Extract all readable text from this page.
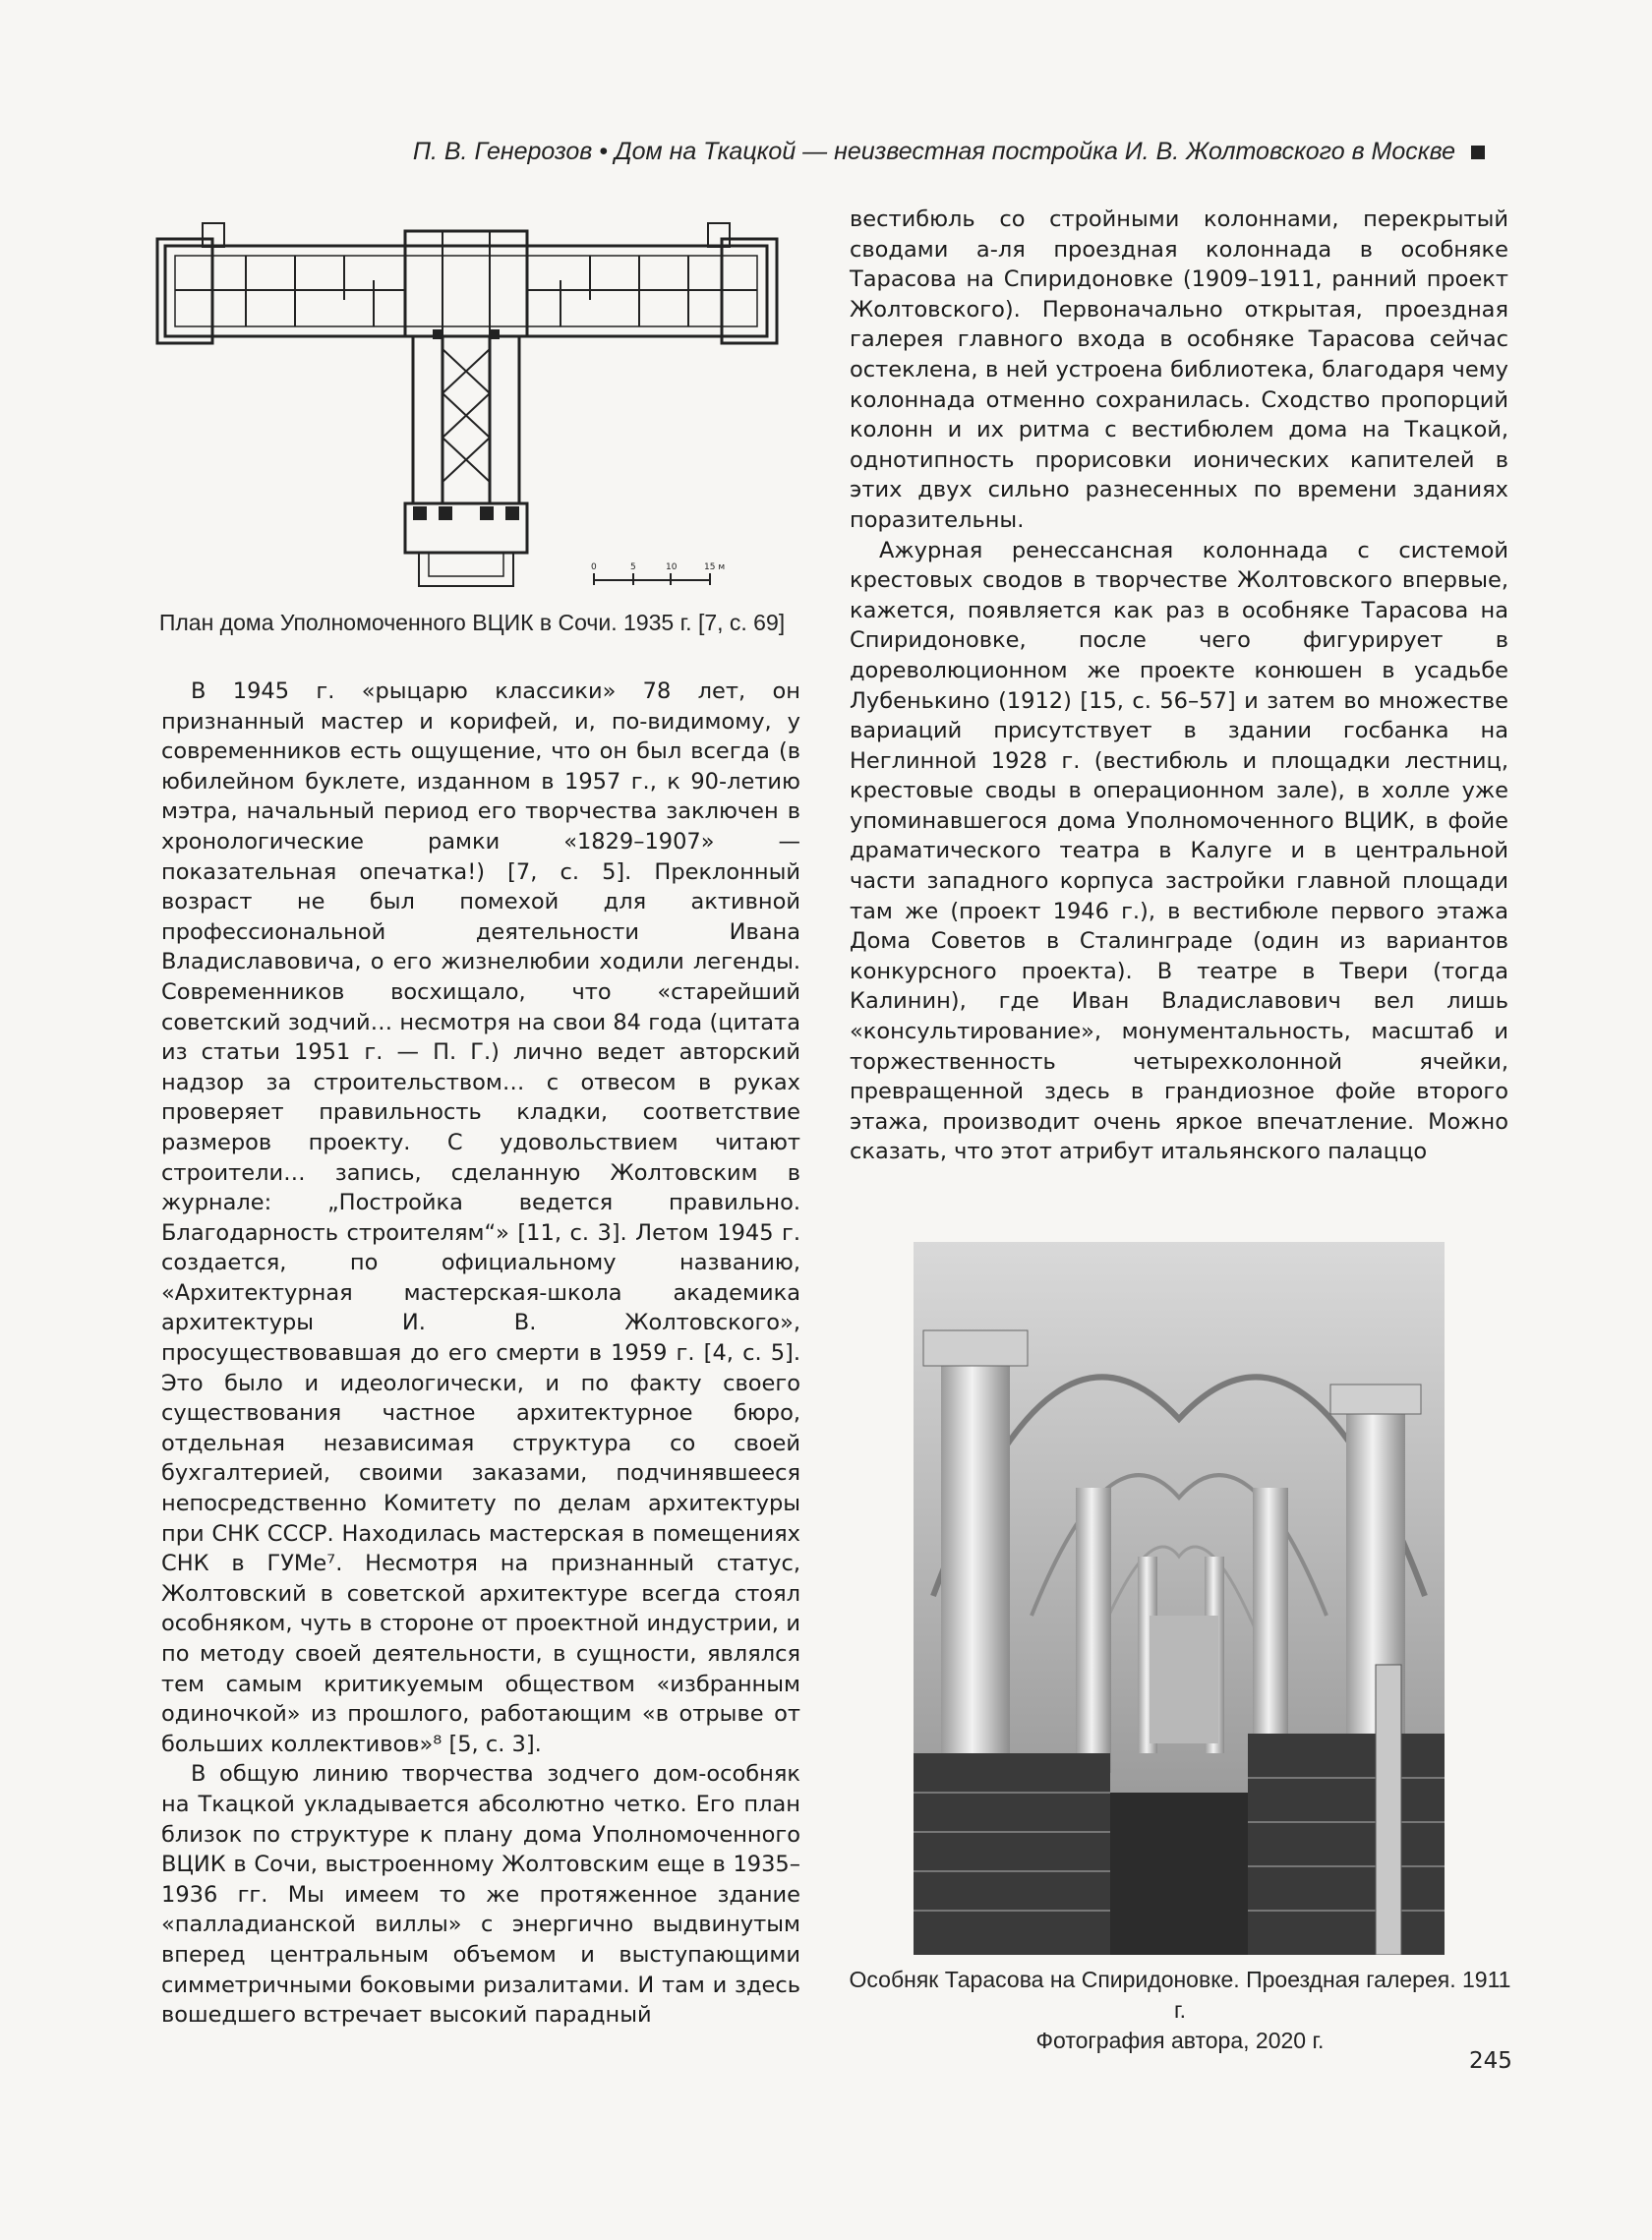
П. В. Генерозов • Дом на Ткацкой — неизвестная постройка И. В. Жолтовского в Москве
0	5	10	15 м
План дома Уполномоченного ВЦИК в Сочи. 1935 г. [7, с. 69]

В 1945 г. «рыцарю классики» 78 лет, он признанный мастер и корифей, и, по-видимому, у современников есть ощущение, что он был всегда (в юбилейном буклете, изданном в 1957 г., к 90-летию мэтра, начальный период его творчества заключен в хронологические рамки «1829–1907» — показательная опечатка!) [7, с. 5]. Преклонный возраст не был помехой для активной профессиональной деятельности Ивана Владиславовича, о его жизнелюбии ходили легенды. Современников восхищало, что «старейший советский зодчий… несмотря на свои 84 года (цитата из статьи 1951 г. — П. Г.) лично ведет авторский надзор за строительством… с отвесом в руках проверяет правильность кладки, соответствие размеров проекту. С удовольствием читают строители… запись, сделанную Жолтовским в журнале: „Постройка ведется правильно. Благодарность строителям“» [11, с. 3]. Летом 1945 г. создается, по официальному названию, «Архитектурная мастерская-школа академика архитектуры И. В. Жолтовского», просуществовавшая до его смерти в 1959 г. [4, с. 5]. Это было и идеологически, и по факту своего существования частное архитектурное бюро, отдельная независимая структура со своей бухгалтерией, своими заказами, подчинявшееся непосредственно Комитету по делам архитектуры при СНК СССР. Находилась мастерская в помещениях СНК в ГУМе⁷. Несмотря на признанный статус, Жолтовский в советской архитектуре всегда стоял особняком, чуть в стороне от проектной индустрии, и по методу своей деятельности, в сущности, являлся тем самым критикуемым обществом «избранным одиночкой» из прошлого, работающим «в отрыве от больших коллективов»⁸ [5, с. 3].

В общую линию творчества зодчего дом-особняк на Ткацкой укладывается абсолютно четко. Его план близок по структуре к плану дома Уполномоченного ВЦИК в Сочи, выстроенному Жолтовским еще в 1935–1936 гг. Мы имеем то же протяженное здание «палладианской виллы» с энергично выдвинутым вперед центральным объемом и выступающими симметричными боковыми ризалитами. И там и здесь вошедшего встречает высокий парадный

вестибюль со стройными колоннами, перекрытый сводами а-ля проездная колоннада в особняке Тарасова на Спиридоновке (1909–1911, ранний проект Жолтовского). Первоначально открытая, проездная галерея главного входа в особняке Тарасова сейчас остеклена, в ней устроена библиотека, благодаря чему колоннада отменно сохранилась. Сходство пропорций колонн и их ритма с вестибюлем дома на Ткацкой, однотипность прорисовки ионических капителей в этих двух сильно разнесенных по времени зданиях поразительны.

Ажурная ренессансная колоннада с системой крестовых сводов в творчестве Жолтовского впервые, кажется, появляется как раз в особняке Тарасова на Спиридоновке, после чего фигурирует в дореволюционном же проекте конюшен в усадьбе Лубенькино (1912) [15, с. 56–57] и затем во множестве вариаций присутствует в здании госбанка на Неглинной 1928 г. (вестибюль и площадки лестниц, крестовые своды в операционном зале), в холле уже упоминавшегося дома Уполномоченного ВЦИК, в фойе драматического театра в Калуге и в центральной части западного корпуса застройки главной площади там же (проект 1946 г.), в вестибюле первого этажа Дома Советов в Сталинграде (один из вариантов конкурсного проекта). В театре в Твери (тогда Калинин), где Иван Владиславович вел лишь «консультирование», монументальность, масштаб и торжественность четырехколонной ячейки, превращенной здесь в грандиозное фойе второго этажа, производит очень яркое впечатление. Можно сказать, что этот атрибут итальянского палаццо

Особняк Тарасова на Спиридоновке. Проездная галерея. 1911 г.
Фотография автора, 2020 г.
245
